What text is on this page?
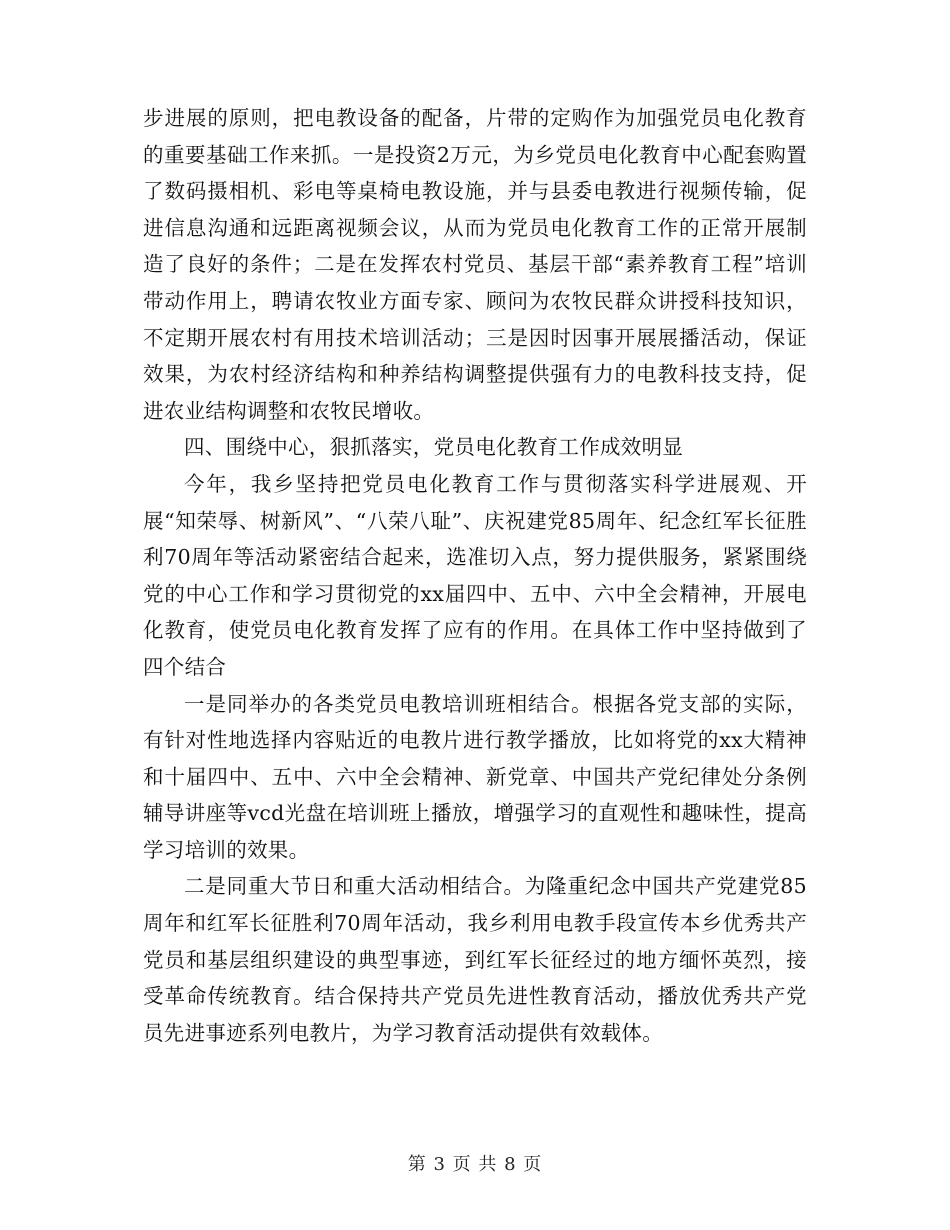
步进展的原则，把电教设备的配备，片带的定购作为加强党员电化教育的重要基础工作来抓。一是投资2万元，为乡党员电化教育中心配套购置了数码摄相机、彩电等桌椅电教设施，并与县委电教进行视频传输，促进信息沟通和远距离视频会议，从而为党员电化教育工作的正常开展制造了良好的条件；二是在发挥农村党员、基层干部“素养教育工程”培训带动作用上，聘请农牧业方面专家、顾问为农牧民群众讲授科技知识，不定期开展农村有用技术培训活动；三是因时因事开展展播活动，保证效果，为农村经济结构和种养结构调整提供强有力的电教科技支持，促进农业结构调整和农牧民增收。

四、围绕中心，狠抓落实，党员电化教育工作成效明显

今年，我乡坚持把党员电化教育工作与贯彻落实科学进展观、开展“知荣辱、树新风”、“八荣八耻”、庆祝建党85周年、纪念红军长征胜利70周年等活动紧密结合起来，选准切入点，努力提供服务，紧紧围绕党的中心工作和学习贯彻党的xx届四中、五中、六中全会精神，开展电化教育，使党员电化教育发挥了应有的作用。在具体工作中坚持做到了四个结合

一是同举办的各类党员电教培训班相结合。根据各党支部的实际，有针对性地选择内容贴近的电教片进行教学播放，比如将党的xx大精神和十届四中、五中、六中全会精神、新党章、中国共产党纪律处分条例辅导讲座等vcd光盘在培训班上播放，增强学习的直观性和趣味性，提高学习培训的效果。

二是同重大节日和重大活动相结合。为隆重纪念中国共产党建党85周年和红军长征胜利70周年活动，我乡利用电教手段宣传本乡优秀共产党员和基层组织建设的典型事迹，到红军长征经过的地方缅怀英烈，接受革命传统教育。结合保持共产党员先进性教育活动，播放优秀共产党员先进事迹系列电教片，为学习教育活动提供有效载体。

第 3 页 共 8 页
